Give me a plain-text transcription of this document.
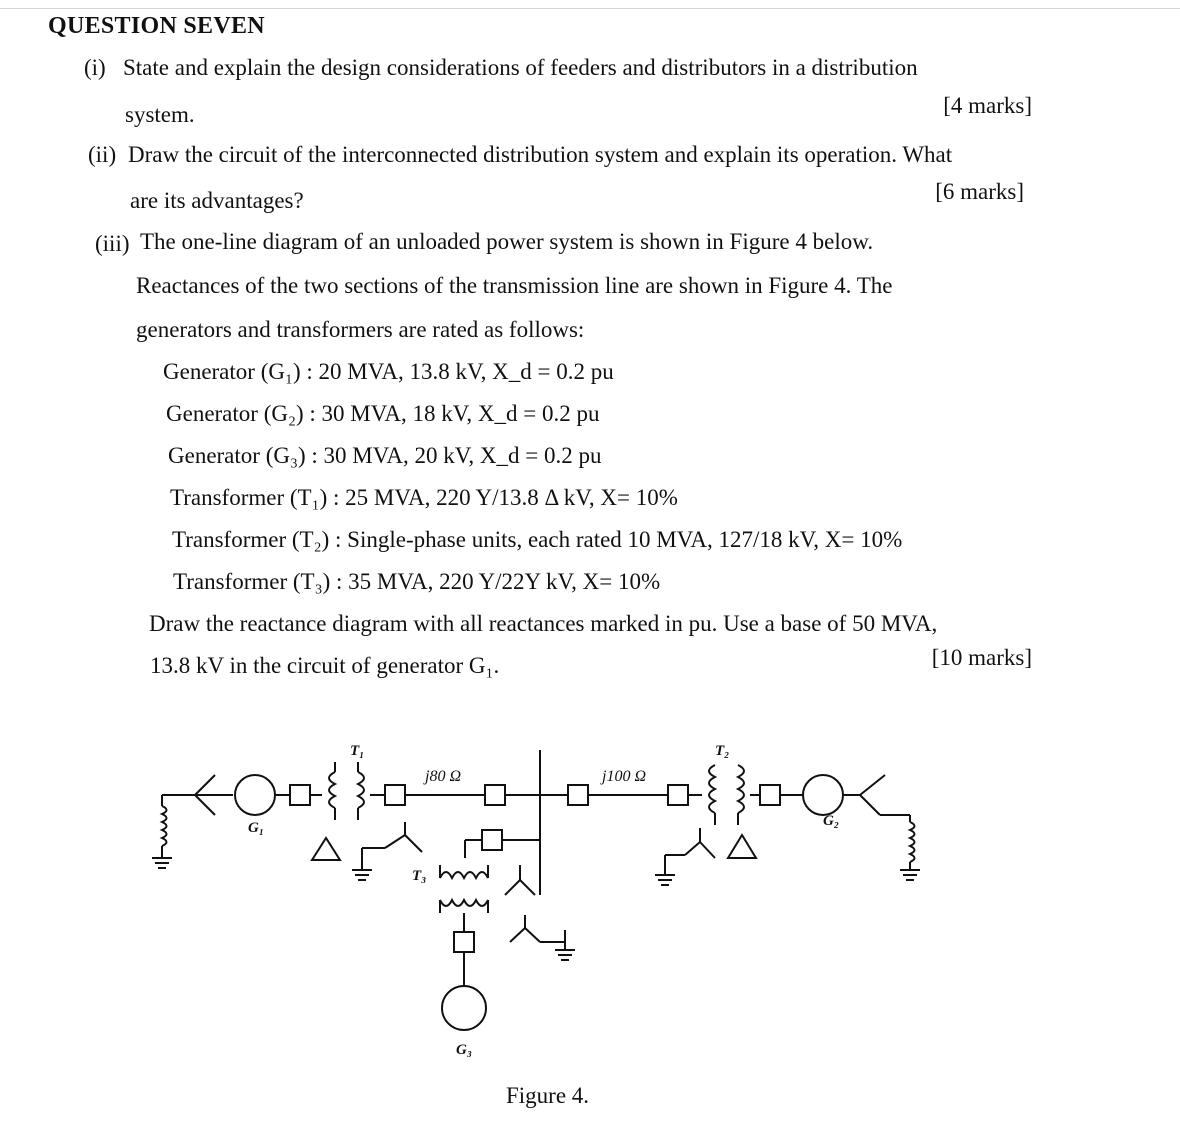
QUESTION SEVEN
(i) State and explain the design considerations of feeders and distributors in a distribution
system.	[4 marks]
(ii) Draw the circuit of the interconnected distribution system and explain its operation. What
are its advantages?	[6 marks]
(iii) The one-line diagram of an unloaded power system is shown in Figure 4 below.
Reactances of the two sections of the transmission line are shown in Figure 4. The
generators and transformers are rated as follows:
Generator (G₁) : 20 MVA, 13.8 kV, X_d = 0.2 pu
Generator (G₂) : 30 MVA, 18 kV, X_d = 0.2 pu
Generator (G₃) : 30 MVA, 20 kV, X_d = 0.2 pu
Transformer (T₁) : 25 MVA, 220 Y/13.8 Δ kV, X= 10%
Transformer (T₂) : Single-phase units, each rated 10 MVA, 127/18 kV, X= 10%
Transformer (T₃) : 35 MVA, 220 Y/22Y kV, X= 10%
Draw the reactance diagram with all reactances marked in pu. Use a base of 50 MVA,
13.8 kV in the circuit of generator G₁.	[10 marks]
T₁	T₂
T₃
G₁	G₂
G₃
j80 Ω	j100 Ω
Figure 4.
